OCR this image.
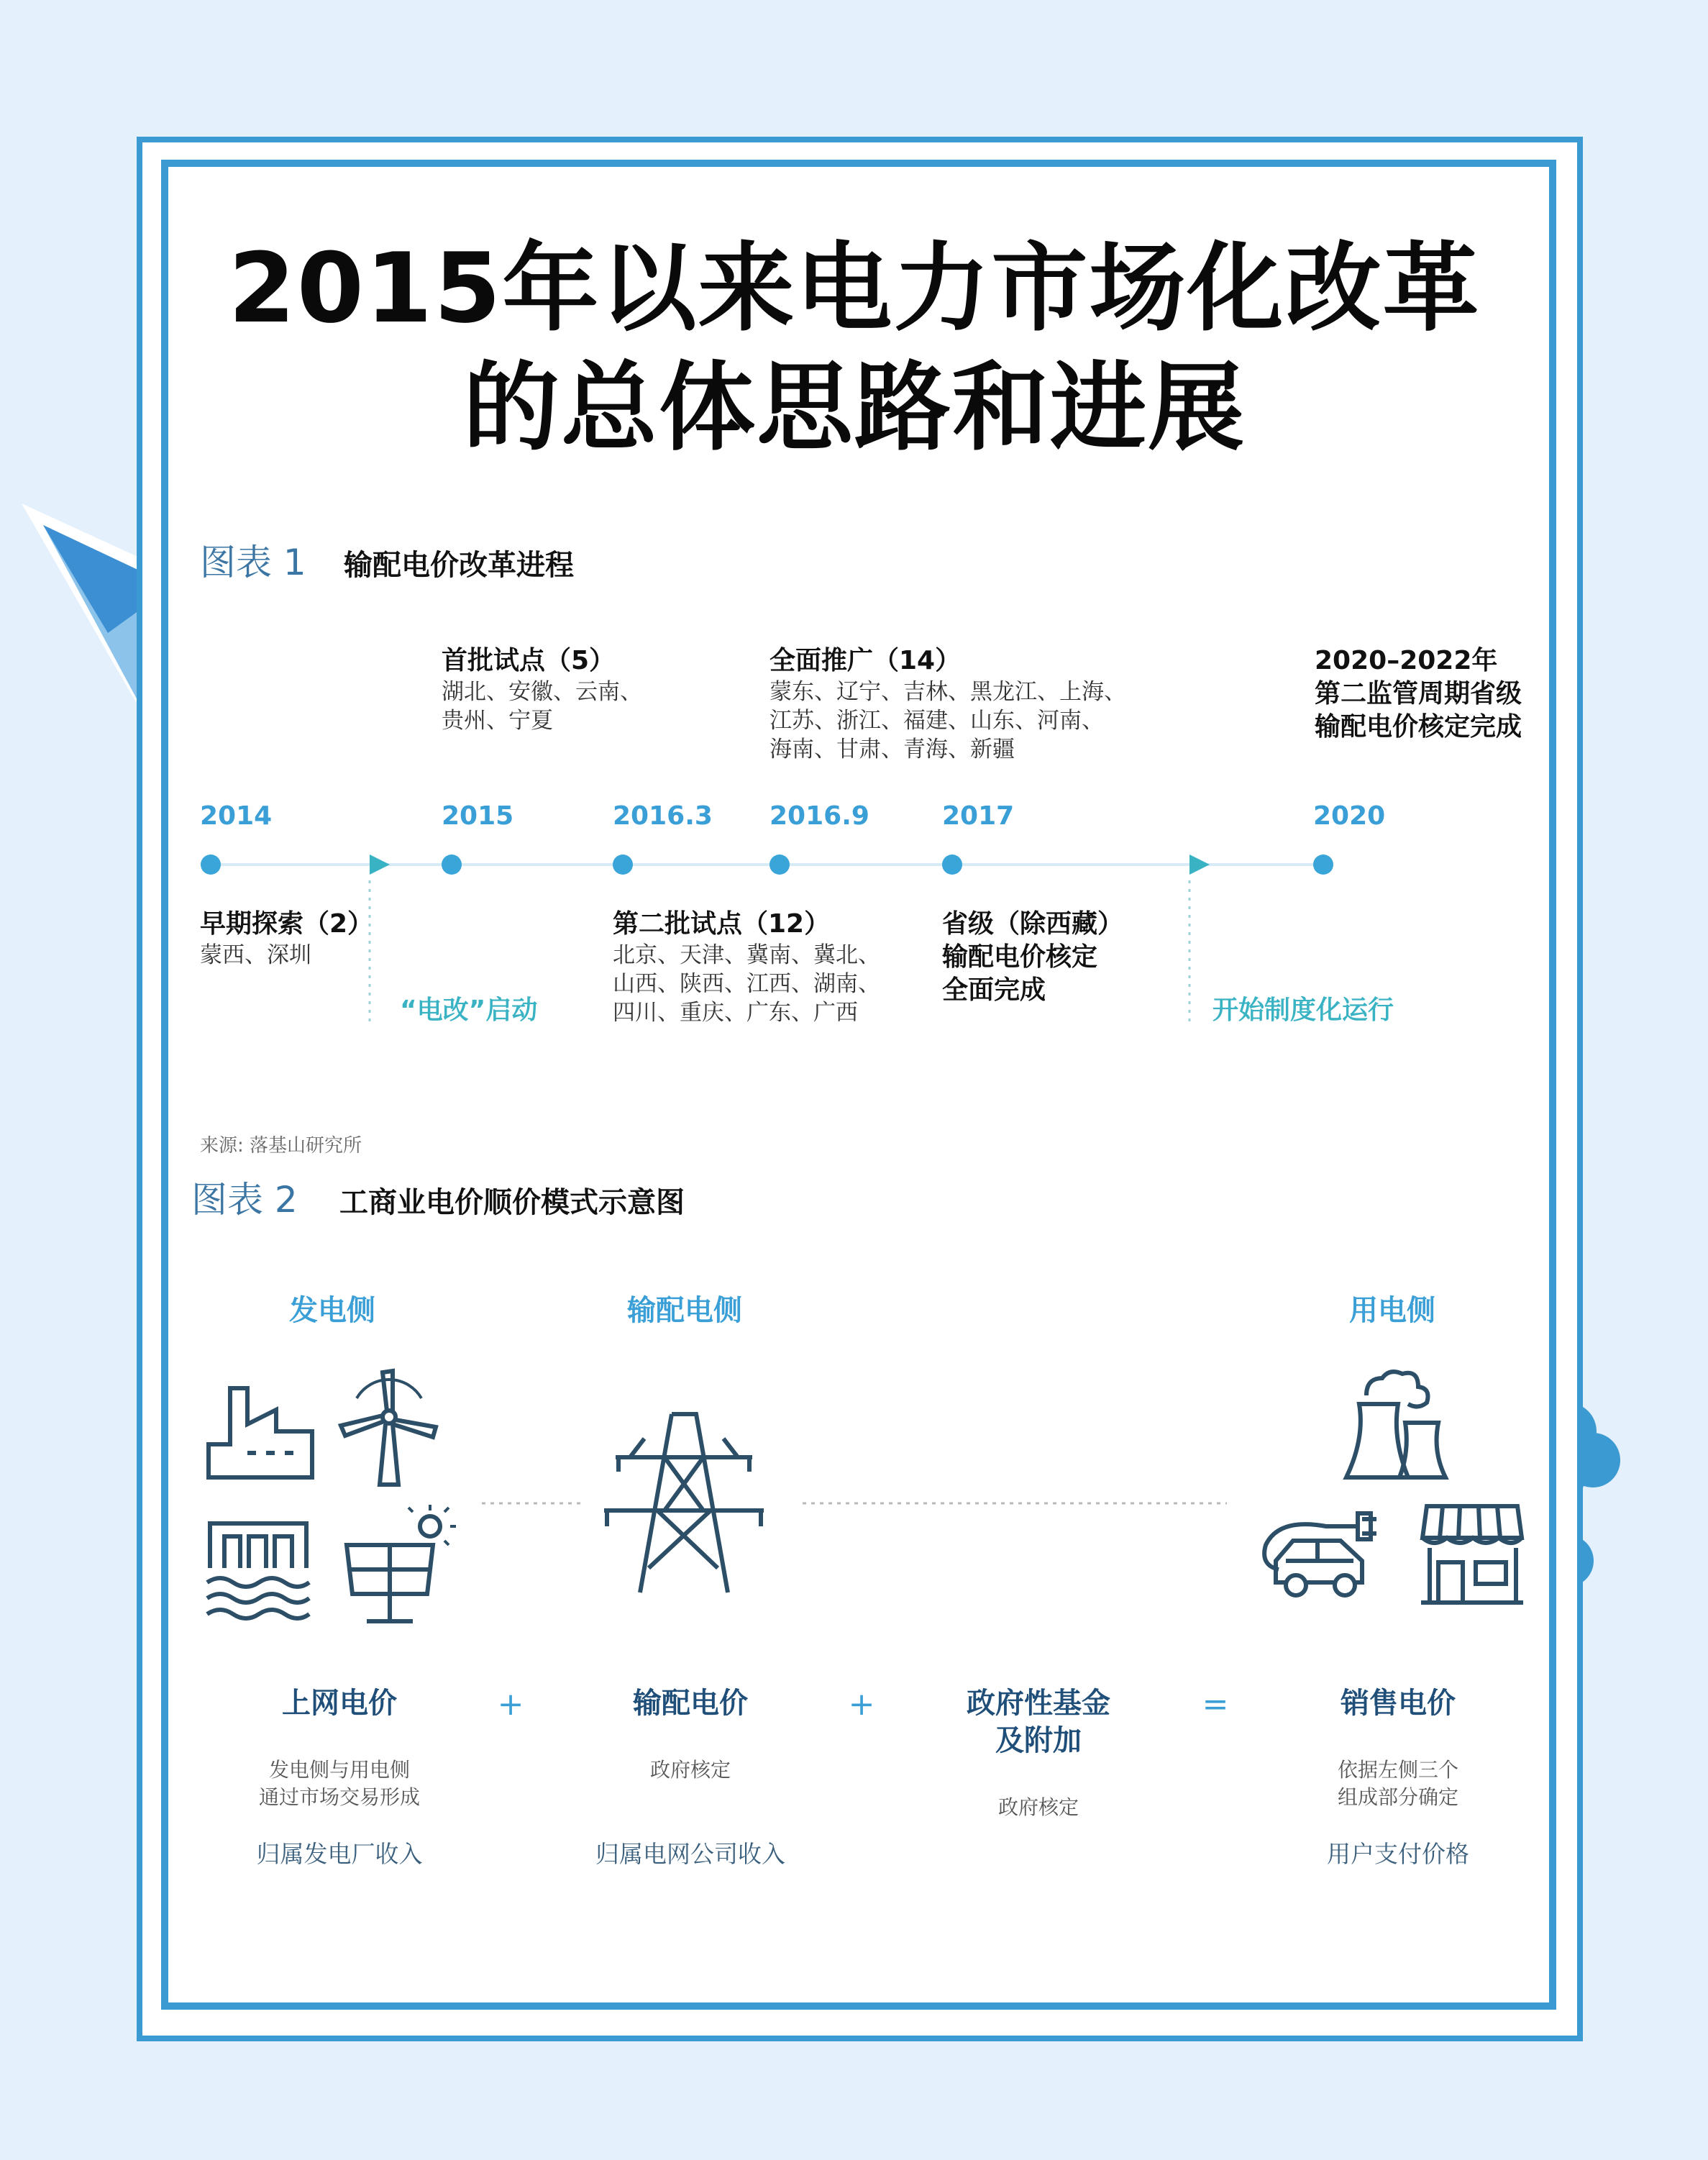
2015年以来电力市场化改革
的总体思路和进展
图表 1 输配电价改革进程
首批试点（5）
湖北、安徽、云南、
贵州、宁夏
全面推广（14）
蒙东、辽宁、吉林、黑龙江、上海、
江苏、浙江、福建、山东、河南、
海南、甘肃、青海、新疆
2020–2022年
第二监管周期省级
输配电价核定完成
2014	2015	2016.3 2016.9	2017	2020
早期探索（2）
蒙西、深圳
第二批试点（12）
北京、天津、冀南、冀北、
山西、陕西、江西、湖南、
四川、重庆、广东、广西
省级（除西藏）
输配电价核定
全面完成
“电改”启动	开始制度化运行
来源: 落基山研究所
图表 2 工商业电价顺价模式示意图
发电侧	输配电侧	用电侧
上网电价	+	输配电价	+	政府性基金
及附加
=	销售电价
发电侧与用电侧
通过市场交易形成
政府核定
政府核定
依据左侧三个
组成部分确定
归属发电厂收入	归属电网公司收入	用户支付价格
